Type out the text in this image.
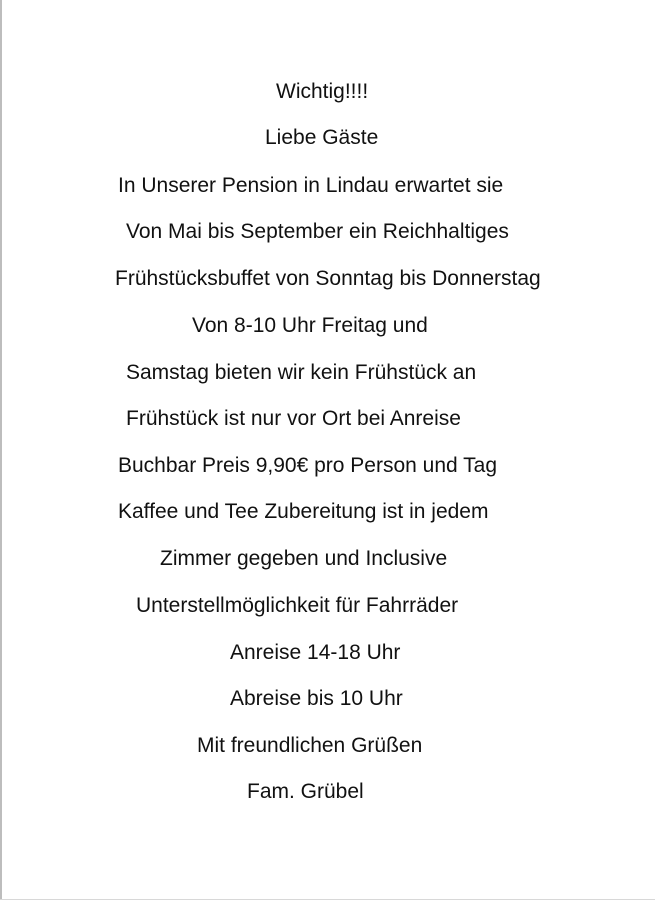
Wichtig!!!!
Liebe Gäste
In Unserer Pension in Lindau erwartet sie
Von Mai bis September ein Reichhaltiges
Frühstücksbuffet von Sonntag bis Donnerstag
Von 8-10 Uhr Freitag und
Samstag bieten wir kein Frühstück an
Frühstück ist nur vor Ort bei Anreise
Buchbar Preis 9,90€ pro Person und Tag
Kaffee und Tee Zubereitung ist in jedem
Zimmer gegeben und Inclusive
Unterstellmöglichkeit für Fahrräder
Anreise 14-18 Uhr
Abreise bis 10 Uhr
Mit freundlichen Grüßen
Fam. Grübel
